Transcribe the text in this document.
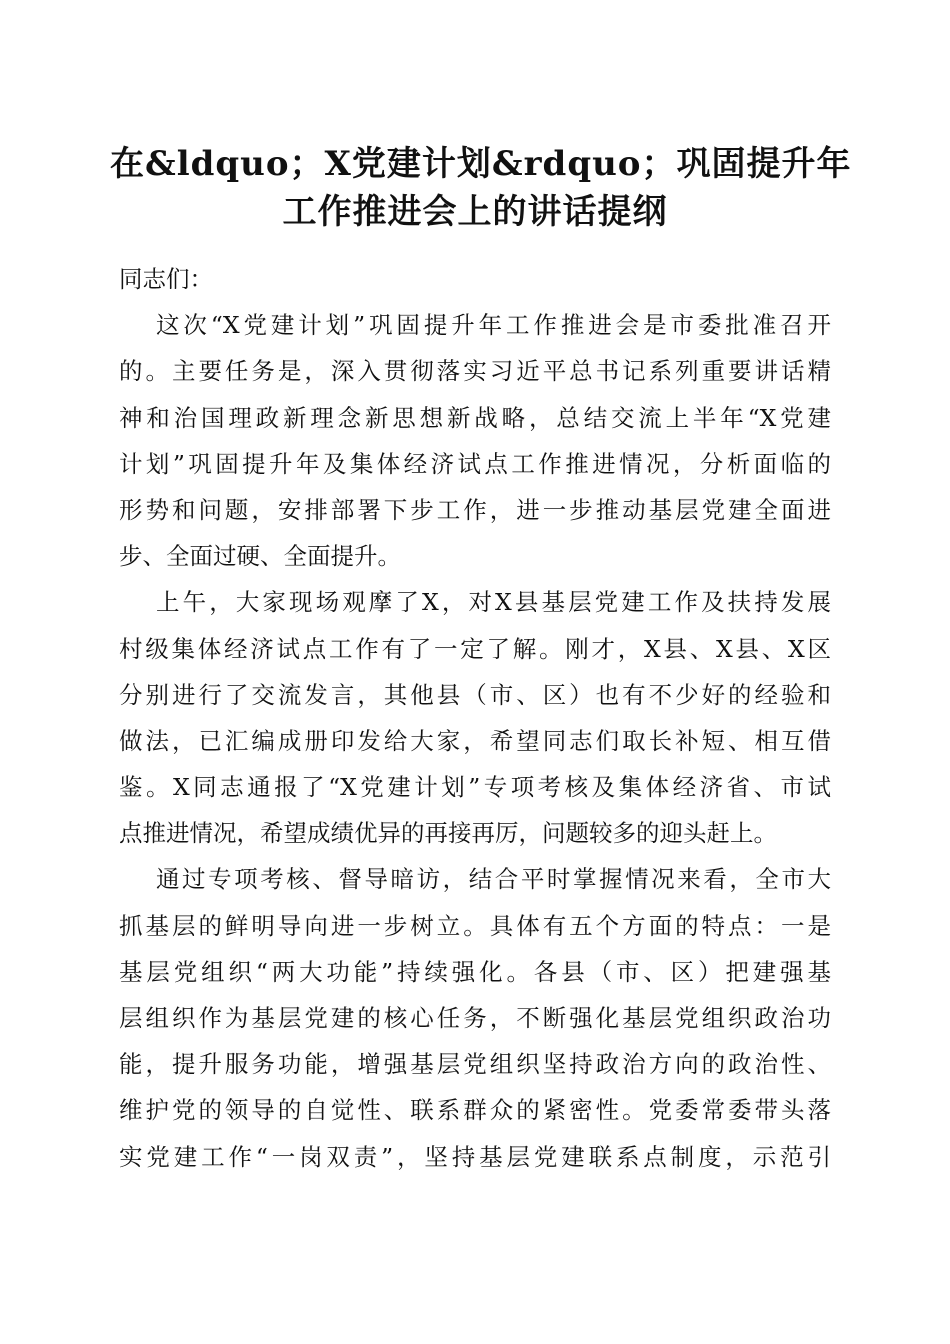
在&ldquo；X党建计划&rdquo；巩固提升年
工作推进会上的讲话提纲
同志们：
这次“X党建计划”巩固提升年工作推进会是市委批准召开
的。主要任务是，深入贯彻落实习近平总书记系列重要讲话精
神和治国理政新理念新思想新战略，总结交流上半年“X党建
计划”巩固提升年及集体经济试点工作推进情况，分析面临的
形势和问题，安排部署下步工作，进一步推动基层党建全面进
步、全面过硬、全面提升。
上午，大家现场观摩了X，对X县基层党建工作及扶持发展
村级集体经济试点工作有了一定了解。刚才，X县、X县、X区
分别进行了交流发言，其他县（市、区）也有不少好的经验和
做法，已汇编成册印发给大家，希望同志们取长补短、相互借
鉴。X同志通报了“X党建计划”专项考核及集体经济省、市试
点推进情况，希望成绩优异的再接再厉，问题较多的迎头赶上。
通过专项考核、督导暗访，结合平时掌握情况来看，全市大
抓基层的鲜明导向进一步树立。具体有五个方面的特点：一是
基层党组织“两大功能”持续强化。各县（市、区）把建强基
层组织作为基层党建的核心任务，不断强化基层党组织政治功
能，提升服务功能，增强基层党组织坚持政治方向的政治性、
维护党的领导的自觉性、联系群众的紧密性。党委常委带头落
实党建工作“一岗双责”，坚持基层党建联系点制度，示范引
